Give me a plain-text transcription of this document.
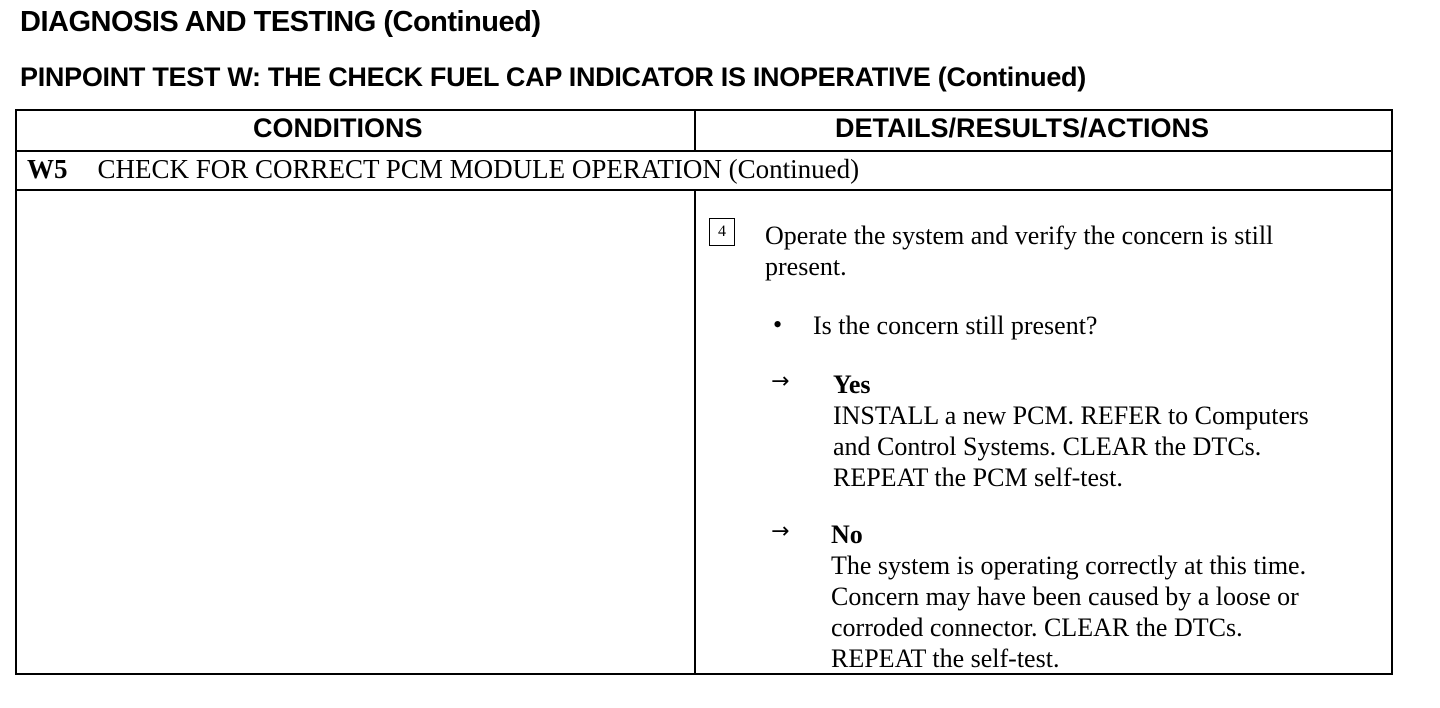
DIAGNOSIS AND TESTING (Continued)
PINPOINT TEST W: THE CHECK FUEL CAP INDICATOR IS INOPERATIVE (Continued)
CONDITIONS	DETAILS/RESULTS/ACTIONS
W5 CHECK FOR CORRECT PCM MODULE OPERATION (Continued)
4	Operate the system and verify the concern is still
present.
• Is the concern still present?
→ Yes
INSTALL a new PCM. REFER to Computers
and Control Systems. CLEAR the DTCs.
REPEAT the PCM self-test.
→ No
The system is operating correctly at this time.
Concern may have been caused by a loose or
corroded connector. CLEAR the DTCs.
REPEAT the self-test.
